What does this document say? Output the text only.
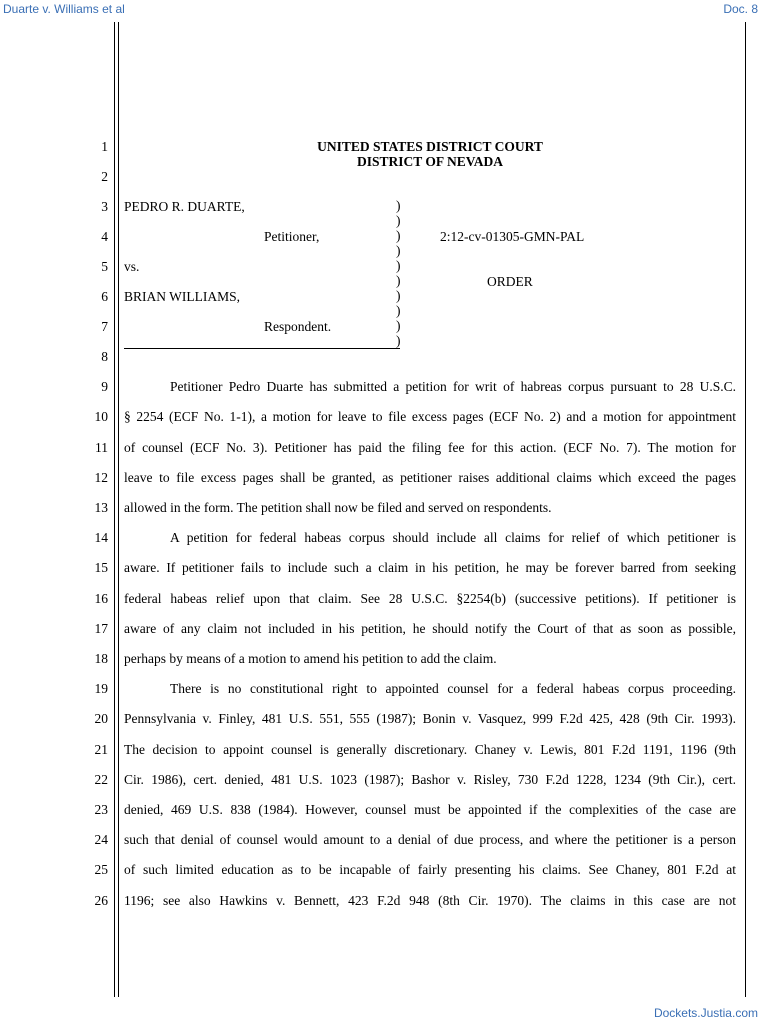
Duarte v. Williams et al	Doc. 8
1
2
3
4
5
6
7
8
9
10
11
12
13
14
15
16
17
18
19
20
21
22
23
24
25
26
UNITED STATES DISTRICT COURT
DISTRICT OF NEVADA
PEDRO R. DUARTE,
Petitioner,
vs.
BRIAN WILLIAMS,
Respondent.
2:12-cv-01305-GMN-PAL
ORDER
)
)
)
)
)
)
)
)
)
)
Petitioner Pedro Duarte has submitted a petition for writ of habreas corpus pursuant to 28 U.S.C.
§ 2254 (ECF No. 1-1), a motion for leave to file excess pages (ECF No. 2) and a motion for appointment
of counsel (ECF No. 3). Petitioner has paid the filing fee for this action. (ECF No. 7). The motion for
leave to file excess pages shall be granted, as petitioner raises additional claims which exceed the pages
allowed in the form. The petition shall now be filed and served on respondents.
A petition for federal habeas corpus should include all claims for relief of which petitioner is
aware. If petitioner fails to include such a claim in his petition, he may be forever barred from seeking
federal habeas relief upon that claim. See 28 U.S.C. §2254(b) (successive petitions). If petitioner is
aware of any claim not included in his petition, he should notify the Court of that as soon as possible,
perhaps by means of a motion to amend his petition to add the claim.
There is no constitutional right to appointed counsel for a federal habeas corpus proceeding.
Pennsylvania v. Finley, 481 U.S. 551, 555 (1987); Bonin v. Vasquez, 999 F.2d 425, 428 (9th Cir. 1993).
The decision to appoint counsel is generally discretionary. Chaney v. Lewis, 801 F.2d 1191, 1196 (9th
Cir. 1986), cert. denied, 481 U.S. 1023 (1987); Bashor v. Risley, 730 F.2d 1228, 1234 (9th Cir.), cert.
denied, 469 U.S. 838 (1984). However, counsel must be appointed if the complexities of the case are
such that denial of counsel would amount to a denial of due process, and where the petitioner is a person
of such limited education as to be incapable of fairly presenting his claims. See Chaney, 801 F.2d at
1196; see also Hawkins v. Bennett, 423 F.2d 948 (8th Cir. 1970). The claims in this case are not
Dockets.Justia.com
